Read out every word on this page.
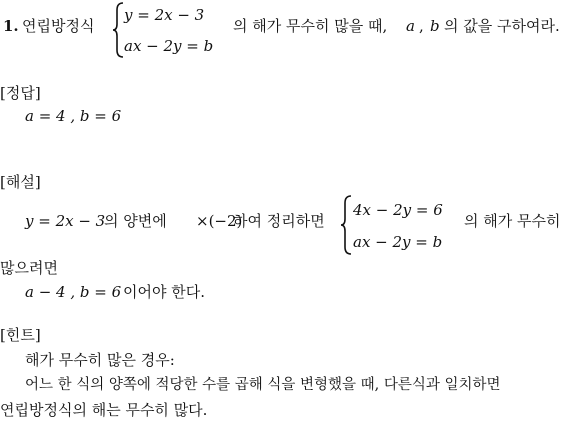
1. 연립방정식
y = 2x − 3
ax − 2y = b
의 해가 무수히 많을 때, a , b 의 값을 구하여라.
[정답]
a = 4 , b = 6
[해설]
y = 2x − 3
의 양변에 ×(−2)
하여 정리하면
4x − 2y = 6
ax − 2y = b
의 해가 무수히
많으려면
a − 4 , b = 6 이어야 한다.
[힌트]
해가 무수히 많은 경우:
어느 한 식의 양쪽에 적당한 수를 곱해 식을 변형했을 때, 다른식과 일치하면
연립방정식의 해는 무수히 많다.
